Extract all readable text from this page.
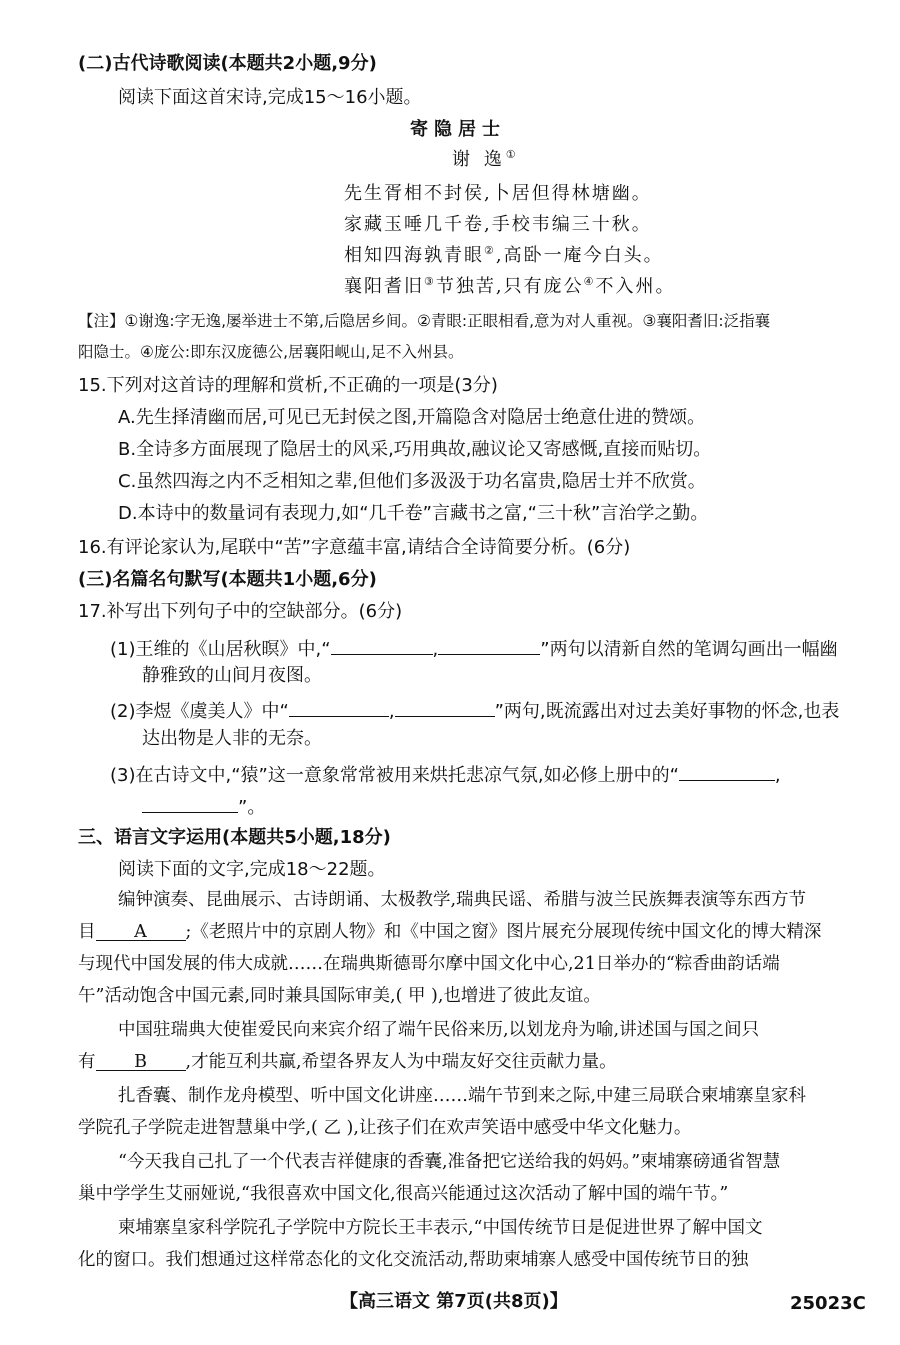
(二)古代诗歌阅读(本题共2小题,9分)
阅读下面这首宋诗,完成15～16小题。
寄隐居士
谢 逸①
先生胥相不封侯,卜居但得林塘幽。
家藏玉唾几千卷,手校韦编三十秋。
相知四海孰青眼②,高卧一庵今白头。
襄阳耆旧③节独苦,只有庞公④不入州。
【注】①谢逸:字无逸,屡举进士不第,后隐居乡间。②青眼:正眼相看,意为对人重视。③襄阳耆旧:泛指襄
阳隐士。④庞公:即东汉庞德公,居襄阳岘山,足不入州县。
15.下列对这首诗的理解和赏析,不正确的一项是(3分)
A.先生择清幽而居,可见已无封侯之图,开篇隐含对隐居士绝意仕进的赞颂。
B.全诗多方面展现了隐居士的风采,巧用典故,融议论又寄感慨,直接而贴切。
C.虽然四海之内不乏相知之辈,但他们多汲汲于功名富贵,隐居士并不欣赏。
D.本诗中的数量词有表现力,如“几千卷”言藏书之富,“三十秋”言治学之勤。
16.有评论家认为,尾联中“苦”字意蕴丰富,请结合全诗简要分析。(6分)
(三)名篇名句默写(本题共1小题,6分)
17.补写出下列句子中的空缺部分。(6分)
(1)王维的《山居秋暝》中,“	,	”两句以清新自然的笔调勾画出一幅幽
静雅致的山间月夜图。
(2)李煜《虞美人》中“	,	”两句,既流露出对过去美好事物的怀念,也表
达出物是人非的无奈。
(3)在古诗文中,“猿”这一意象常常被用来烘托悲凉气氛,如必修上册中的“	,
”。
三、语言文字运用(本题共5小题,18分)
阅读下面的文字,完成18～22题。
编钟演奏、昆曲展示、古诗朗诵、太极教学,瑞典民谣、希腊与波兰民族舞表演等东西方节
目 A ;《老照片中的京剧人物》和《中国之窗》图片展充分展现传统中国文化的博大精深
与现代中国发展的伟大成就……在瑞典斯德哥尔摩中国文化中心,21日举办的“粽香曲韵话端
午”活动饱含中国元素,同时兼具国际审美,( 甲 ),也增进了彼此友谊。
中国驻瑞典大使崔爱民向来宾介绍了端午民俗来历,以划龙舟为喻,讲述国与国之间只
有 B ,才能互利共赢,希望各界友人为中瑞友好交往贡献力量。
扎香囊、制作龙舟模型、听中国文化讲座……端午节到来之际,中建三局联合柬埔寨皇家科
学院孔子学院走进智慧巢中学,( 乙 ),让孩子们在欢声笑语中感受中华文化魅力。
“今天我自己扎了一个代表吉祥健康的香囊,准备把它送给我的妈妈。”柬埔寨磅通省智慧
巢中学学生艾丽娅说,“我很喜欢中国文化,很高兴能通过这次活动了解中国的端午节。”
柬埔寨皇家科学院孔子学院中方院长王丰表示,“中国传统节日是促进世界了解中国文
化的窗口。我们想通过这样常态化的文化交流活动,帮助柬埔寨人感受中国传统节日的独
【高三语文 第7页(共8页)】	25023C
